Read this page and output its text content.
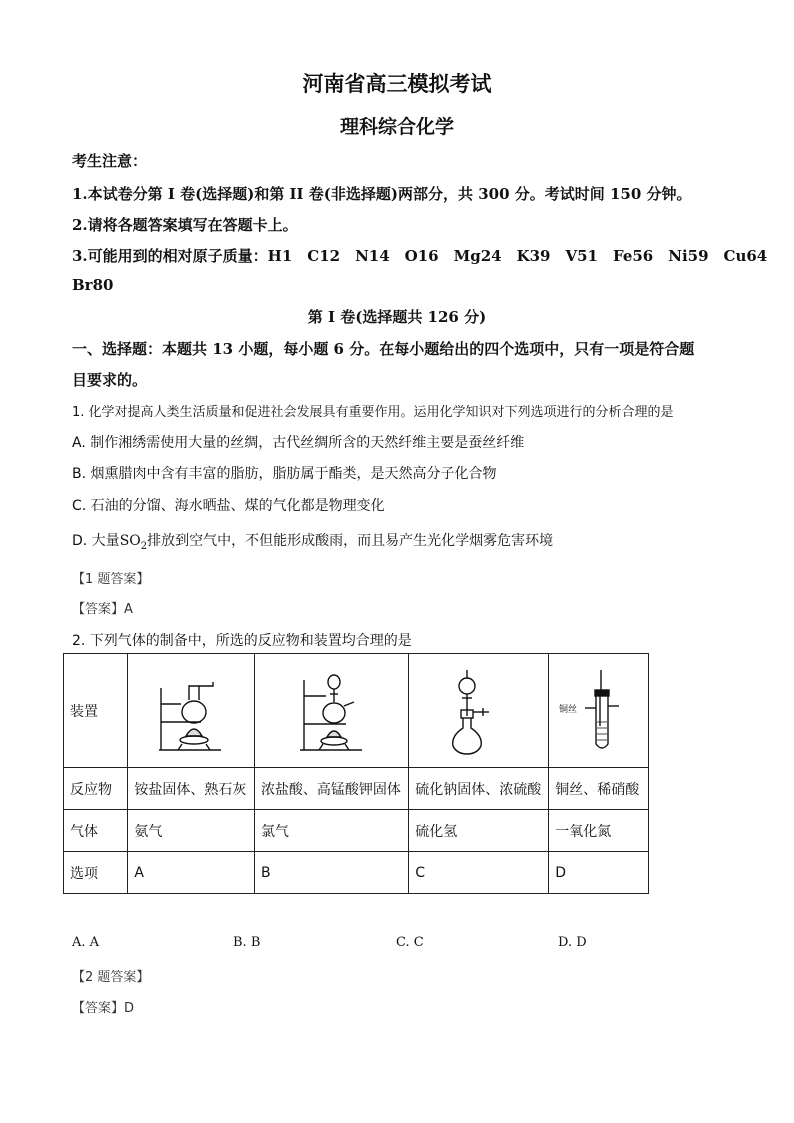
河南省高三模拟考试
理科综合化学
考生注意：
1.本试卷分第 I 卷(选择题)和第 II 卷(非选择题)两部分，共 300 分。考试时间 150 分钟。
2.请将各题答案填写在答题卡上。
3.可能用到的相对原子质量：H1　C12　N14　O16　Mg24　K39　V51　Fe56　Ni59　Cu64
Br80
第 I 卷(选择题共 126 分)
一、选择题：本题共 13 小题，每小题 6 分。在每小题给出的四个选项中，只有一项是符合题
目要求的。
1. 化学对提高人类生活质量和促进社会发展具有重要作用。运用化学知识对下列选项进行的分析合理的是
A. 制作湘绣需使用大量的丝绸，古代丝绸所含的天然纤维主要是蚕丝纤维
B. 烟熏腊肉中含有丰富的脂肪，脂肪属于酯类，是天然高分子化合物
C. 石油的分馏、海水晒盐、煤的气化都是物理变化
D. 大量$SO_2$排放到空气中，不但能形成酸雨，而且易产生光化学烟雾危害环境
【1 题答案】
【答案】A
2. 下列气体的制备中，所选的反应物和装置均合理的是
装置				铜丝

反应物	铵盐固体、熟石灰	浓盐酸、高锰酸钾固体	硫化钠固体、浓硫酸	铜丝、稀硝酸
气体	氨气	氯气	硫化氢	一氧化氮
选项	A	B	C	D
A. A	B. B	C. C	D. D
【2 题答案】
【答案】D
